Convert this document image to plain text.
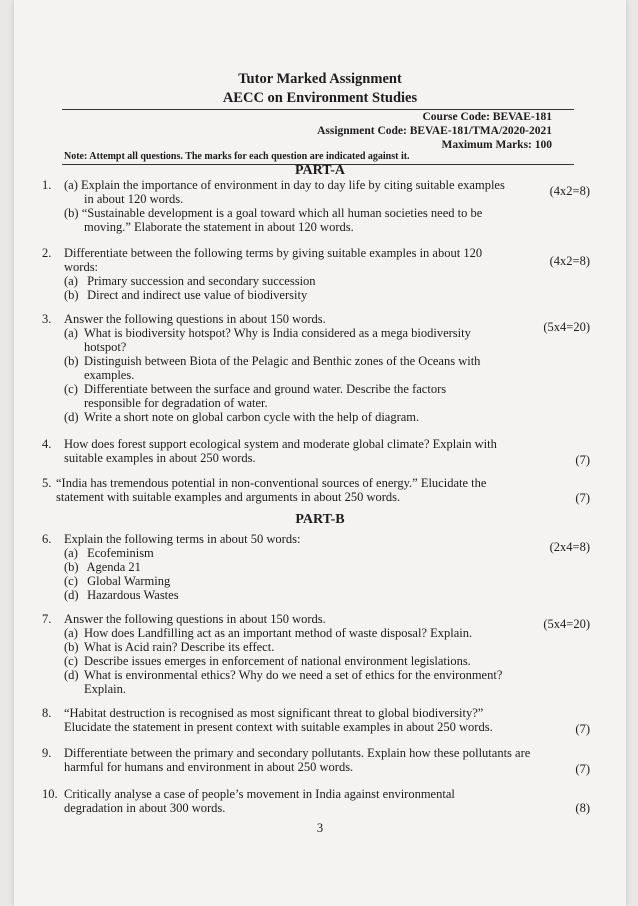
Tutor Marked Assignment
AECC on Environment Studies
Course Code: BEVAE-181
Assignment Code: BEVAE-181/TMA/2020-2021
Maximum Marks: 100
Note: Attempt all questions. The marks for each question are indicated against it.
PART-A
1. (a) Explain the importance of environment in day to day life by citing suitable examples in about 120 words.
(b) “Sustainable development is a goal toward which all human societies need to be moving.” Elaborate the statement in about 120 words.
(4x2=8)
2. Differentiate between the following terms by giving suitable examples in about 120 words:
(a) Primary succession and secondary succession
(b) Direct and indirect use value of biodiversity
(4x2=8)
3. Answer the following questions in about 150 words.
(a) What is biodiversity hotspot? Why is India considered as a mega biodiversity hotspot?
(b) Distinguish between Biota of the Pelagic and Benthic zones of the Oceans with examples.
(c) Differentiate between the surface and ground water. Describe the factors responsible for degradation of water.
(d) Write a short note on global carbon cycle with the help of diagram.
(5x4=20)
4. How does forest support ecological system and moderate global climate? Explain with suitable examples in about 250 words.	(7)
5. “India has tremendous potential in non-conventional sources of energy.” Elucidate the statement with suitable examples and arguments in about 250 words.	(7)
PART-B
6. Explain the following terms in about 50 words:
(a) Ecofeminism
(b) Agenda 21
(c) Global Warming
(d) Hazardous Wastes
(2x4=8)
7. Answer the following questions in about 150 words.
(a) How does Landfilling act as an important method of waste disposal? Explain.
(b) What is Acid rain? Describe its effect.
(c) Describe issues emerges in enforcement of national environment legislations.
(d) What is environmental ethics? Why do we need a set of ethics for the environment? Explain.
(5x4=20)
8. “Habitat destruction is recognised as most significant threat to global biodiversity?” Elucidate the statement in present context with suitable examples in about 250 words.	(7)
9. Differentiate between the primary and secondary pollutants. Explain how these pollutants are harmful for humans and environment in about 250 words.	(7)
10. Critically analyse a case of people’s movement in India against environmental degradation in about 300 words.	(8)
3
